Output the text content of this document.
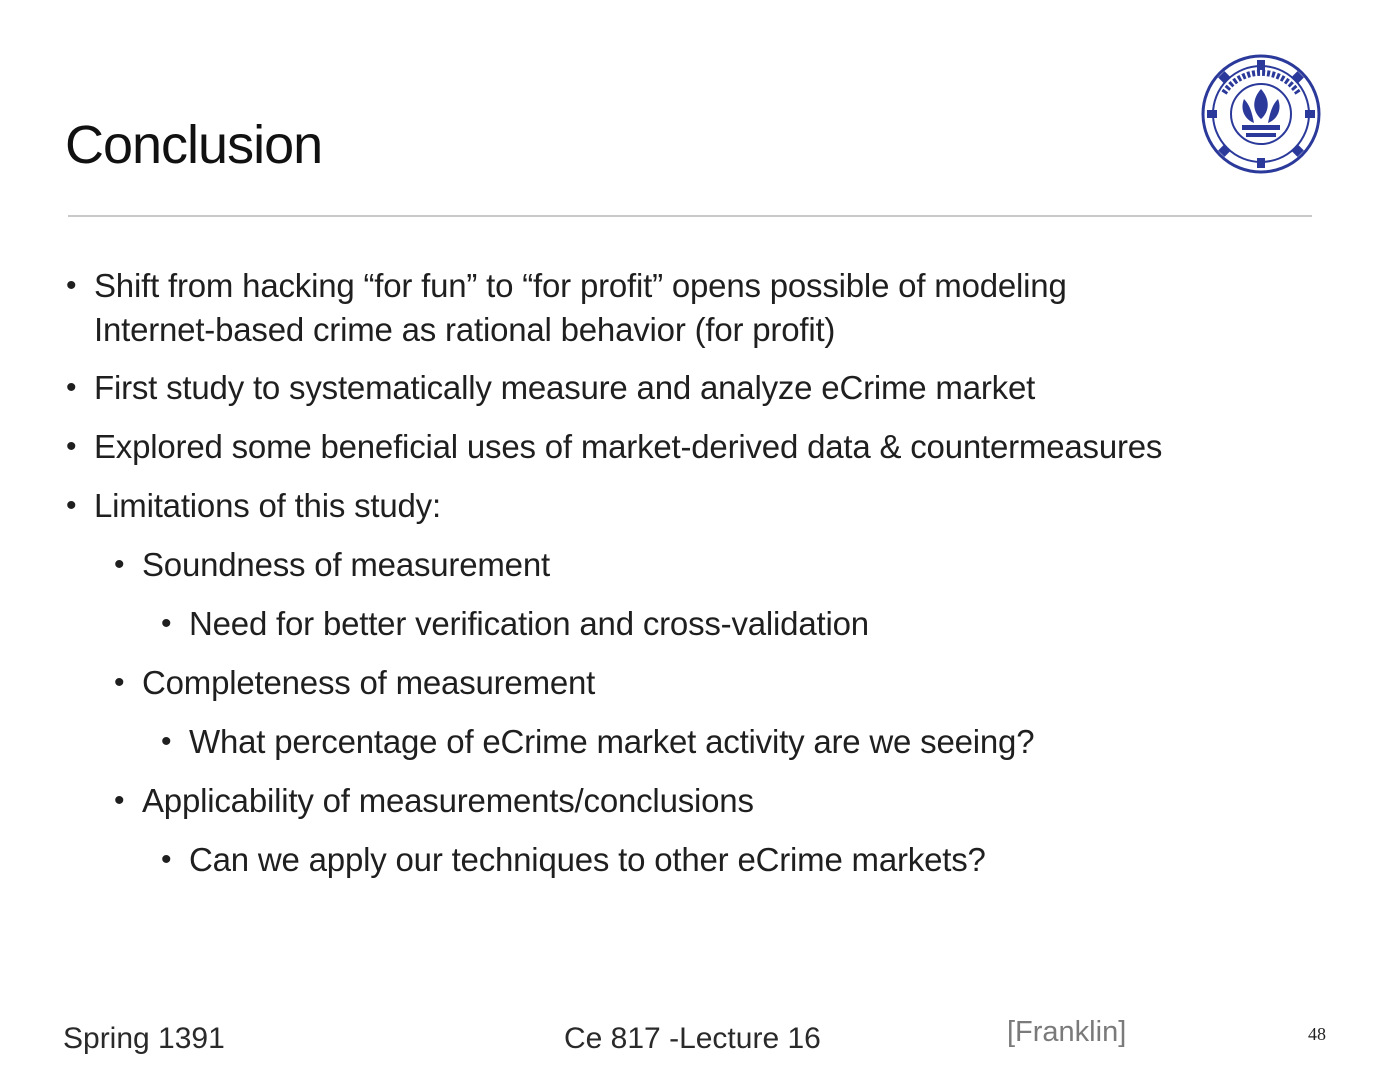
Conclusion
• Shift from hacking “for fun” to “for profit” opens possible of modeling
Internet-based crime as rational behavior (for profit)
• First study to systematically measure and analyze eCrime market
• Explored some beneficial uses of market-derived data & countermeasures
• Limitations of this study:
• Soundness of measurement
• Need for better verification and cross-validation
• Completeness of measurement
• What percentage of eCrime market activity are we seeing?
• Applicability of measurements/conclusions
• Can we apply our techniques to other eCrime markets?
Spring 1391	Ce 817 -Lecture 16	[Franklin]	48
